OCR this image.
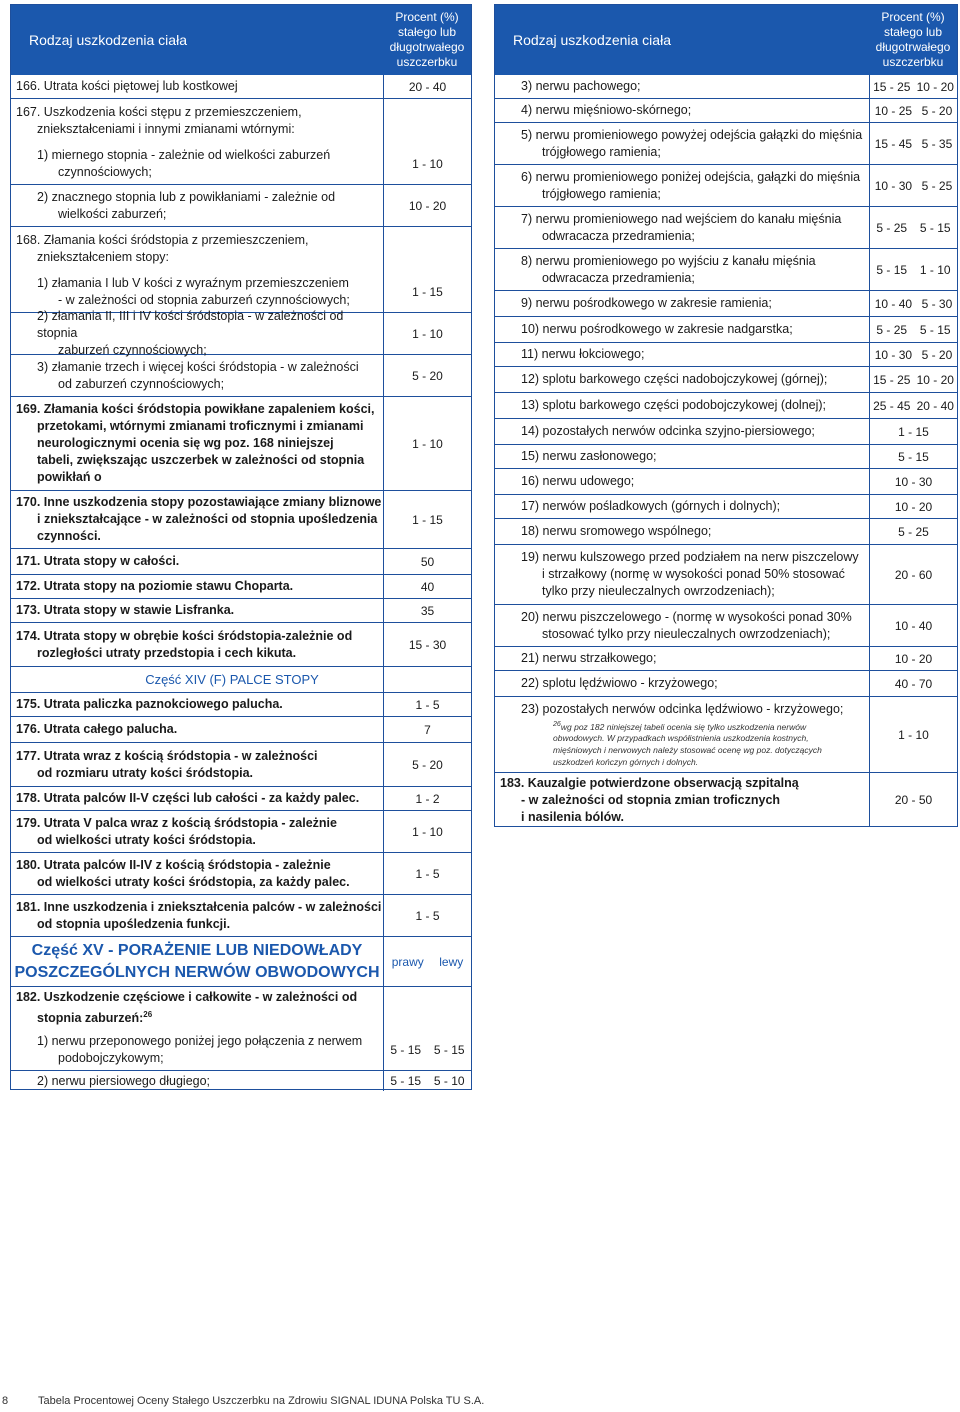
Rodzaj uszkodzenia ciała
Procent (%)
stałego lub
długotrwałego
uszczerbku
166. Utrata kości piętowej lub kostkowej	20 - 40
167. Uszkodzenia kości stępu z przemieszczeniem,
zniekształceniami i innymi zmianami wtórnymi:
1) miernego stopnia - zależnie od wielkości zaburzeń
czynnościowych;
1 - 10
2) znacznego stopnia lub z powikłaniami - zależnie od
wielkości zaburzeń;
10 - 20
168. Złamania kości śródstopia z przemieszczeniem,
zniekształceniem stopy:
1) złamania I lub V kości z wyraźnym przemieszczeniem
- w zależności od stopnia zaburzeń czynnościowych;
1 - 15
2) złamania II, III i IV kości śródstopia - w zależności od stopnia
zaburzeń czynnościowych;
1 - 10
3) złamanie trzech i więcej kości śródstopia - w zależności
od zaburzeń czynnościowych;
5 - 20
169. Złamania kości śródstopia powikłane zapaleniem kości,
przetokami, wtórnymi zmianami troficznymi i zmianami
neurologicznymi ocenia się wg poz. 168 niniejszej
tabeli, zwiększając uszczerbek w zależności od stopnia
powikłań o
1 - 10
170. Inne uszkodzenia stopy pozostawiające zmiany bliznowe
i zniekształcające - w zależności od stopnia upośledzenia
czynności.
1 - 15
171. Utrata stopy w całości.	50
172. Utrata stopy na poziomie stawu Choparta.	40
173. Utrata stopy w stawie Lisfranka.	35
174. Utrata stopy w obrębie kości śródstopia-zależnie od
rozległości utraty przedstopia i cech kikuta.
15 - 30
Część XIV (F) PALCE STOPY
175. Utrata paliczka paznokciowego palucha.	1 - 5
176. Utrata całego palucha.	7
177. Utrata wraz z kością śródstopia - w zależności
od rozmiaru utraty kości śródstopia.
5 - 20
178. Utrata palców II-V części lub całości - za każdy palec.	1 - 2
179. Utrata V palca wraz z kością śródstopia - zależnie
od wielkości utraty kości śródstopia.
1 - 10
180. Utrata palców II-IV z kością śródstopia - zależnie
od wielkości utraty kości śródstopia, za każdy palec.
1 - 5
181. Inne uszkodzenia i zniekształcenia palców - w zależności
od stopnia upośledzenia funkcji.
1 - 5
Część XV - PORAŻENIE LUB NIEDOWŁADY
POSZCZEGÓLNYCH NERWÓW OBWODOWYCH
prawy lewy
182. Uszkodzenie częściowe i całkowite - w zależności od
stopnia zaburzeń:$^{26}$
1) nerwu przeponowego poniżej jego połączenia z nerwem
podobojczykowym;
5 - 15 5 - 15
2) nerwu piersiowego długiego;	5 - 15 5 - 10
Rodzaj uszkodzenia ciała
Procent (%)
stałego lub
długotrwałego
uszczerbku
3) nerwu pachowego;	15 - 25 10 - 20
4) nerwu mięśniowo-skórnego;	10 - 25 5 - 20
5) nerwu promieniowego powyżej odejścia gałązki do mięśnia
trójgłowego ramienia;
15 - 45 5 - 35
6) nerwu promieniowego poniżej odejścia, gałązki do mięśnia
trójgłowego ramienia;
10 - 30 5 - 25
7) nerwu promieniowego nad wejściem do kanału mięśnia
odwracacza przedramienia;
5 - 25 5 - 15
8) nerwu promieniowego po wyjściu z kanału mięśnia
odwracacza przedramienia;
5 - 15 1 - 10
9) nerwu pośrodkowego w zakresie ramienia;	10 - 40 5 - 30
10) nerwu pośrodkowego w zakresie nadgarstka;	5 - 25 5 - 15
11) nerwu łokciowego;	10 - 30 5 - 20
12) splotu barkowego części nadobojczykowej (górnej);	15 - 25 10 - 20
13) splotu barkowego części podobojczykowej (dolnej);	25 - 45 20 - 40
14) pozostałych nerwów odcinka szyjno-piersiowego;	1 - 15
15) nerwu zasłonowego;	5 - 15
16) nerwu udowego;	10 - 30
17) nerwów pośladkowych (górnych i dolnych);	10 - 20
18) nerwu sromowego wspólnego;	5 - 25
19) nerwu kulszowego przed podziałem na nerw piszczelowy
i strzałkowy (normę w wysokości ponad 50% stosować
tylko przy nieuleczalnych owrzodzeniach);
20 - 60
20) nerwu piszczelowego - (normę w wysokości ponad 30%
stosować tylko przy nieuleczalnych owrzodzeniach);
10 - 40
21) nerwu strzałkowego;	10 - 20
22) splotu lędźwiowo - krzyżowego;	40 - 70
23) pozostałych nerwów odcinka lędźwiowo - krzyżowego;
$^{26}$wg poz 182 niniejszej tabeli ocenia się tylko uszkodzenia nerwów
obwodowych. W przypadkach współistnienia uszkodzenia kostnych,
mięśniowych i nerwowych należy stosować ocenę wg poz. dotyczących
uszkodzeń kończyn górnych i dolnych.
1 - 10
183. Kauzalgie potwierdzone obserwacją szpitalną
- w zależności od stopnia zmian troficznych
i nasilenia bólów.
20 - 50
8	Tabela Procentowej Oceny Stałego Uszczerbku na Zdrowiu SIGNAL IDUNA Polska TU S.A.
